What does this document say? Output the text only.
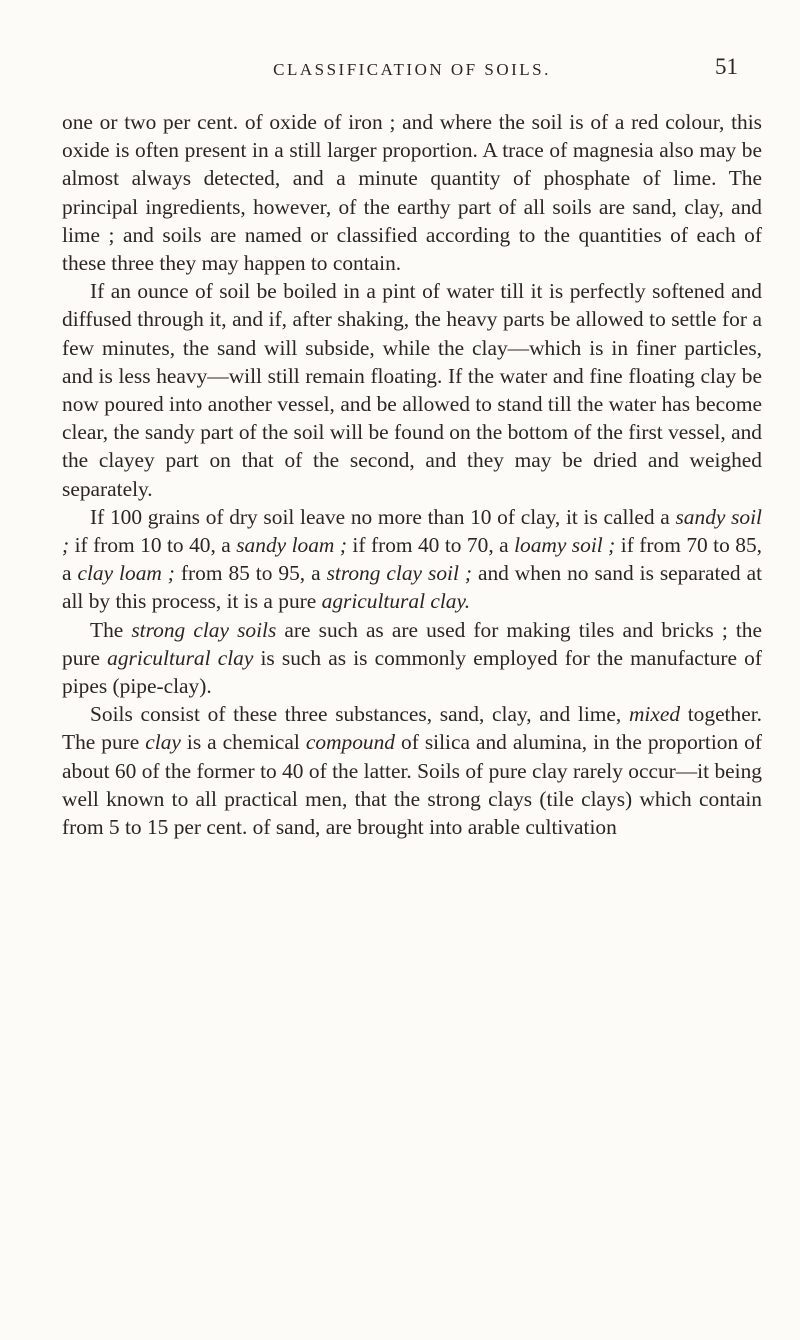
CLASSIFICATION OF SOILS.	51

one or two per cent. of oxide of iron ; and where the soil is of a red colour, this oxide is often present in a still larger proportion. A trace of magnesia also may be almost always detected, and a minute quantity of phosphate of lime. The principal ingredients, however, of the earthy part of all soils are sand, clay, and lime ; and soils are named or classified according to the quantities of each of these three they may happen to contain.

If an ounce of soil be boiled in a pint of water till it is perfectly softened and diffused through it, and if, after shaking, the heavy parts be allowed to settle for a few minutes, the sand will subside, while the clay—which is in finer particles, and is less heavy—will still remain floating. If the water and fine floating clay be now poured into another vessel, and be allowed to stand till the water has become clear, the sandy part of the soil will be found on the bottom of the first vessel, and the clayey part on that of the second, and they may be dried and weighed separately.

If 100 grains of dry soil leave no more than 10 of clay, it is called a sandy soil ; if from 10 to 40, a sandy loam ; if from 40 to 70, a loamy soil ; if from 70 to 85, a clay loam ; from 85 to 95, a strong clay soil ; and when no sand is separated at all by this process, it is a pure agricultural clay.

The strong clay soils are such as are used for making tiles and bricks ; the pure agricultural clay is such as is commonly employed for the manufacture of pipes (pipe-clay).

Soils consist of these three substances, sand, clay, and lime, mixed together. The pure clay is a chemical compound of silica and alumina, in the proportion of about 60 of the former to 40 of the latter. Soils of pure clay rarely occur—it being well known to all practical men, that the strong clays (tile clays) which contain from 5 to 15 per cent. of sand, are brought into arable cultivation
